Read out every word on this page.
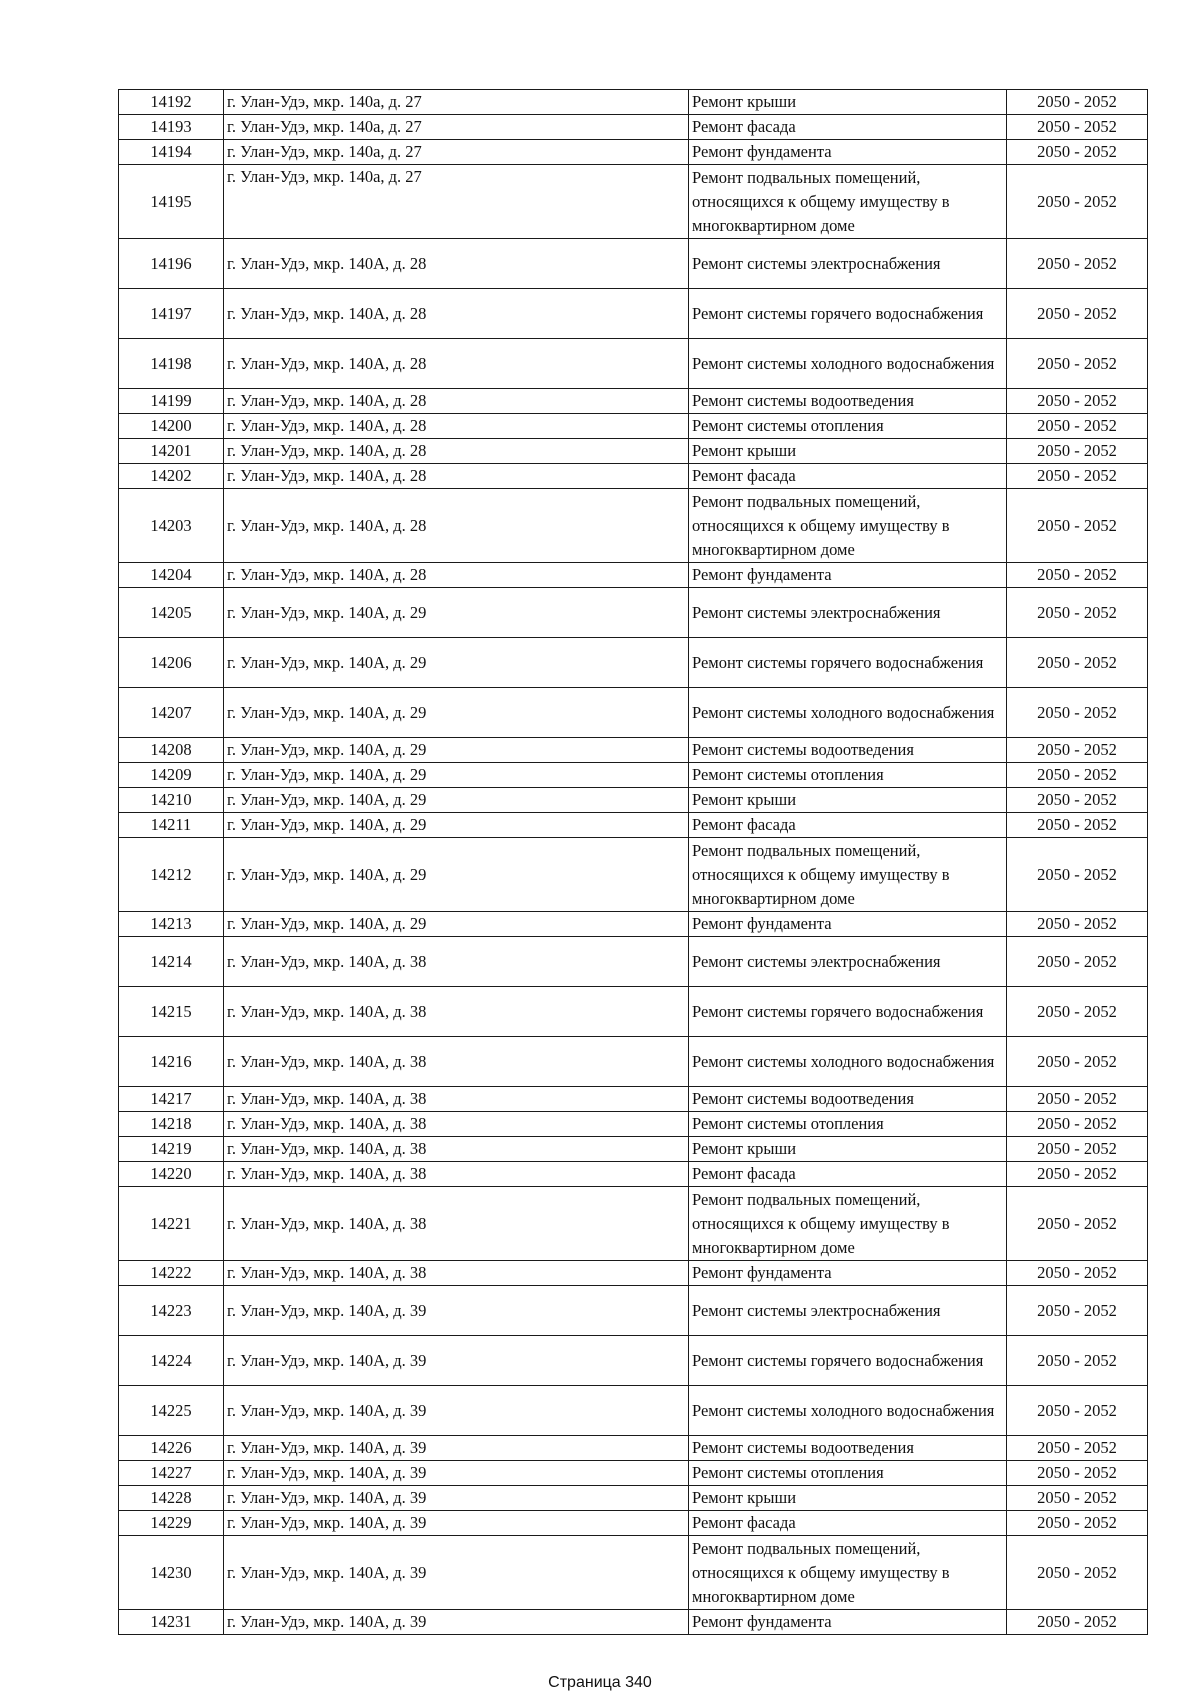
14192	г. Улан-Удэ, мкр. 140а, д. 27	Ремонт крыши	2050 - 2052
14193	г. Улан-Удэ, мкр. 140а, д. 27	Ремонт фасада	2050 - 2052
14194	г. Улан-Удэ, мкр. 140а, д. 27	Ремонт фундамента	2050 - 2052
14195	г. Улан-Удэ, мкр. 140а, д. 27	Ремонт подвальных помещений, относящихся к общему имуществу в многоквартирном доме	2050 - 2052
14196	г. Улан-Удэ, мкр. 140А, д. 28	Ремонт системы электроснабжения	2050 - 2052
14197	г. Улан-Удэ, мкр. 140А, д. 28	Ремонт системы горячего водоснабжения	2050 - 2052
14198	г. Улан-Удэ, мкр. 140А, д. 28	Ремонт системы холодного водоснабжения	2050 - 2052
14199	г. Улан-Удэ, мкр. 140А, д. 28	Ремонт системы водоотведения	2050 - 2052
14200	г. Улан-Удэ, мкр. 140А, д. 28	Ремонт системы отопления	2050 - 2052
14201	г. Улан-Удэ, мкр. 140А, д. 28	Ремонт крыши	2050 - 2052
14202	г. Улан-Удэ, мкр. 140А, д. 28	Ремонт фасада	2050 - 2052
14203	г. Улан-Удэ, мкр. 140А, д. 28	Ремонт подвальных помещений, относящихся к общему имуществу в многоквартирном доме	2050 - 2052
14204	г. Улан-Удэ, мкр. 140А, д. 28	Ремонт фундамента	2050 - 2052
14205	г. Улан-Удэ, мкр. 140А, д. 29	Ремонт системы электроснабжения	2050 - 2052
14206	г. Улан-Удэ, мкр. 140А, д. 29	Ремонт системы горячего водоснабжения	2050 - 2052
14207	г. Улан-Удэ, мкр. 140А, д. 29	Ремонт системы холодного водоснабжения	2050 - 2052
14208	г. Улан-Удэ, мкр. 140А, д. 29	Ремонт системы водоотведения	2050 - 2052
14209	г. Улан-Удэ, мкр. 140А, д. 29	Ремонт системы отопления	2050 - 2052
14210	г. Улан-Удэ, мкр. 140А, д. 29	Ремонт крыши	2050 - 2052
14211	г. Улан-Удэ, мкр. 140А, д. 29	Ремонт фасада	2050 - 2052
14212	г. Улан-Удэ, мкр. 140А, д. 29	Ремонт подвальных помещений, относящихся к общему имуществу в многоквартирном доме	2050 - 2052
14213	г. Улан-Удэ, мкр. 140А, д. 29	Ремонт фундамента	2050 - 2052
14214	г. Улан-Удэ, мкр. 140А, д. 38	Ремонт системы электроснабжения	2050 - 2052
14215	г. Улан-Удэ, мкр. 140А, д. 38	Ремонт системы горячего водоснабжения	2050 - 2052
14216	г. Улан-Удэ, мкр. 140А, д. 38	Ремонт системы холодного водоснабжения	2050 - 2052
14217	г. Улан-Удэ, мкр. 140А, д. 38	Ремонт системы водоотведения	2050 - 2052
14218	г. Улан-Удэ, мкр. 140А, д. 38	Ремонт системы отопления	2050 - 2052
14219	г. Улан-Удэ, мкр. 140А, д. 38	Ремонт крыши	2050 - 2052
14220	г. Улан-Удэ, мкр. 140А, д. 38	Ремонт фасада	2050 - 2052
14221	г. Улан-Удэ, мкр. 140А, д. 38	Ремонт подвальных помещений, относящихся к общему имуществу в многоквартирном доме	2050 - 2052
14222	г. Улан-Удэ, мкр. 140А, д. 38	Ремонт фундамента	2050 - 2052
14223	г. Улан-Удэ, мкр. 140А, д. 39	Ремонт системы электроснабжения	2050 - 2052
14224	г. Улан-Удэ, мкр. 140А, д. 39	Ремонт системы горячего водоснабжения	2050 - 2052
14225	г. Улан-Удэ, мкр. 140А, д. 39	Ремонт системы холодного водоснабжения	2050 - 2052
14226	г. Улан-Удэ, мкр. 140А, д. 39	Ремонт системы водоотведения	2050 - 2052
14227	г. Улан-Удэ, мкр. 140А, д. 39	Ремонт системы отопления	2050 - 2052
14228	г. Улан-Удэ, мкр. 140А, д. 39	Ремонт крыши	2050 - 2052
14229	г. Улан-Удэ, мкр. 140А, д. 39	Ремонт фасада	2050 - 2052
14230	г. Улан-Удэ, мкр. 140А, д. 39	Ремонт подвальных помещений, относящихся к общему имуществу в многоквартирном доме	2050 - 2052
14231	г. Улан-Удэ, мкр. 140А, д. 39	Ремонт фундамента	2050 - 2052
Страница 340
